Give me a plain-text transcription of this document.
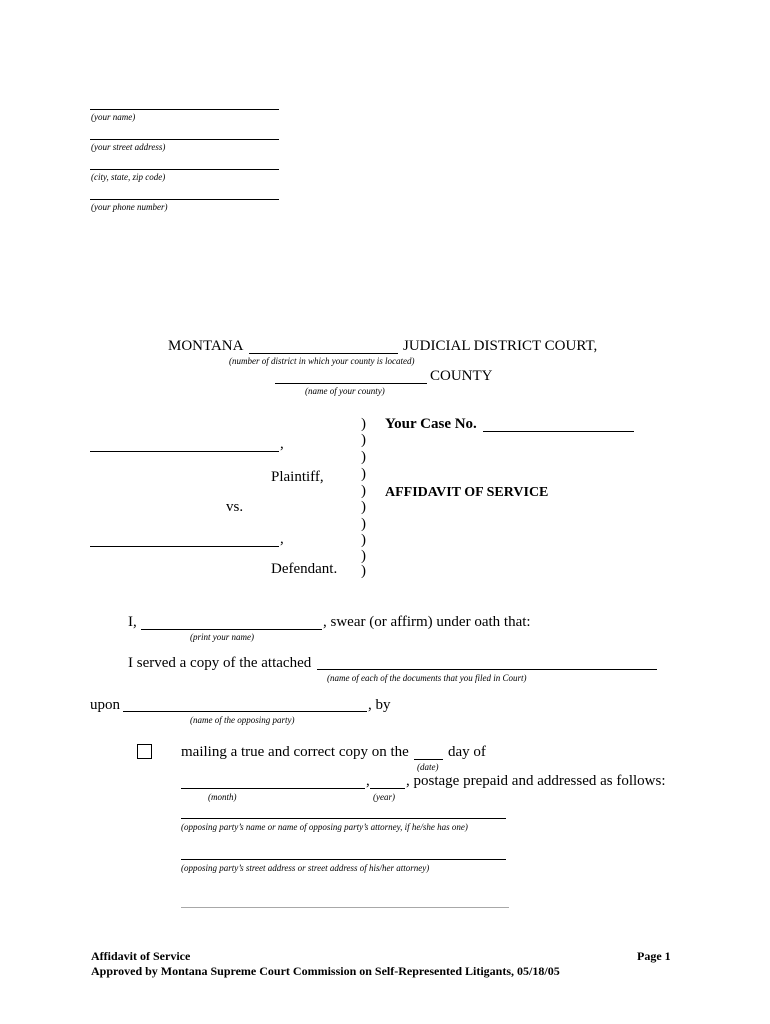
(your name)
(your street address)
(city, state, zip code)
(your phone number)
MONTANA	JUDICIAL DISTRICT COURT,
(number of district in which your county is located)
COUNTY
(name of your county)
)
)
)
)
)
)
)
)
)
)
,
Plaintiff,
vs.
,
Defendant.
Your Case No.
AFFIDAVIT OF SERVICE
I,	, swear (or affirm) under oath that:
(print your name)
I served a copy of the attached
(name of each of the documents that you filed in Court)
upon	, by
(name of the opposing party)
mailing a true and correct copy on the	day of
(date)
, , postage prepaid and addressed as follows:
(month)	(year)
(opposing party’s name or name of opposing party’s attorney, if he/she has one)
(opposing party’s street address or street address of his/her attorney)
Affidavit of Service
Approved by Montana Supreme Court Commission on Self-Represented Litigants, 05/18/05
Page 1
